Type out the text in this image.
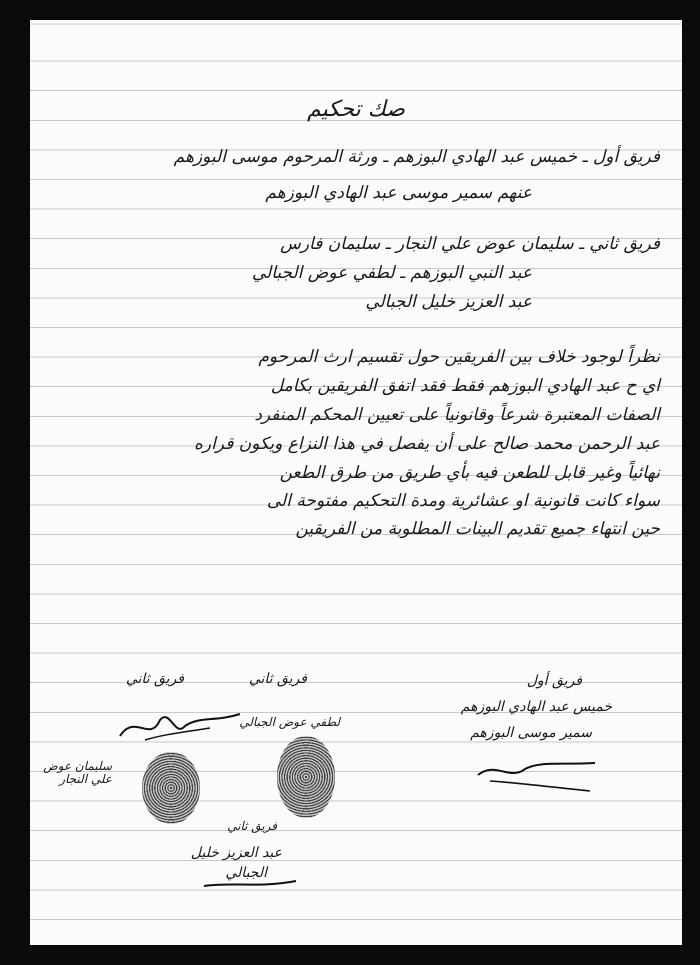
صك تحكيم
فريق أول ـ خميس عبد الهادي البوزهم ـ ورثة المرحوم موسى البوزهم
عنهم سمير موسى عبد الهادي البوزهم
فريق ثاني ـ سليمان عوض علي النجار ـ سليمان فارس
عبد النبي البوزهم ـ لطفي عوض الجبالي
عبد العزيز خليل الجبالي
نظراً لوجود خلاف بين الفريقين حول تقسيم ارث المرحوم
اي ح عبد الهادي البوزهم فقط فقد اتفق الفريقين بكامل
الصفات المعتبرة شرعاً وقانونياً على تعيين المحكم المنفرد
عبد الرحمن محمد صالح على أن يفصل في هذا النزاع ويكون قراره
نهائياً وغير قابل للطعن فيه بأي طريق من طرق الطعن
سواء كانت قانونية او عشائرية ومدة التحكيم مفتوحة الى
حين انتهاء جميع تقديم البينات المطلوبة من الفريقين
فريق ثاني	فريق ثاني
لطفي عوض الجبالي
سليمان عوض علي النجار
فريق ثاني
عبد العزيز خليل
الجبالي
فريق أول
خميس عبد الهادي البوزهم
سمير موسى البوزهم
